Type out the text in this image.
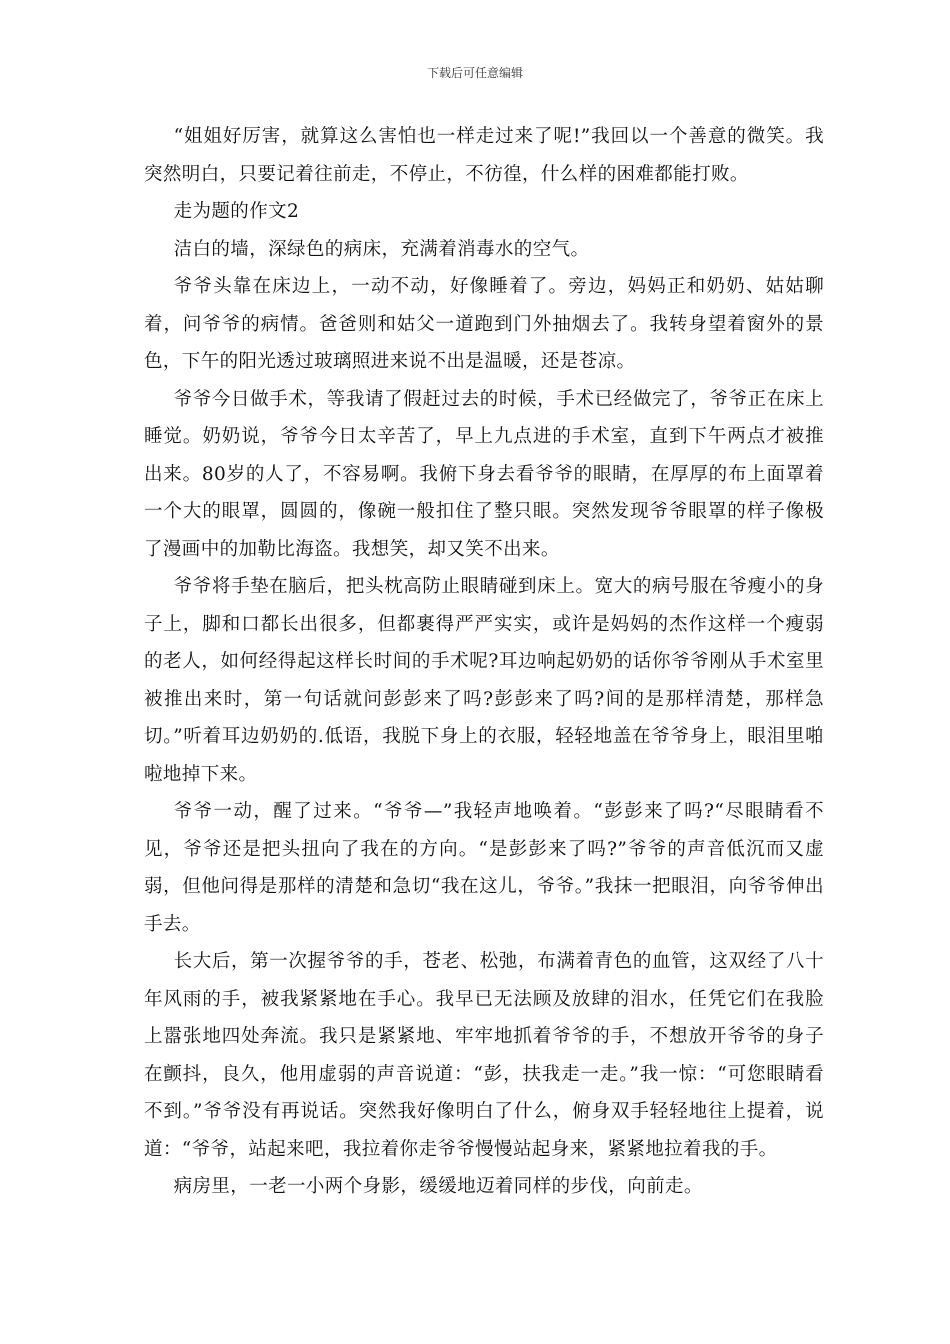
下载后可任意编辑

“姐姐好厉害，就算这么害怕也一样走过来了呢!”我回以一个善意的微笑。我突然明白，只要记着往前走，不停止，不彷徨，什么样的困难都能打败。

走为题的作文2

洁白的墙，深绿色的病床，充满着消毒水的空气。

爷爷头靠在床边上，一动不动，好像睡着了。旁边，妈妈正和奶奶、姑姑聊着，问爷爷的病情。爸爸则和姑父一道跑到门外抽烟去了。我转身望着窗外的景色，下午的阳光透过玻璃照进来说不出是温暖，还是苍凉。

爷爷今日做手术，等我请了假赶过去的时候，手术已经做完了，爷爷正在床上睡觉。奶奶说，爷爷今日太辛苦了，早上九点进的手术室，直到下午两点才被推出来。80岁的人了，不容易啊。我俯下身去看爷爷的眼睛，在厚厚的布上面罩着一个大的眼罩，圆圆的，像碗一般扣住了整只眼。突然发现爷爷眼罩的样子像极了漫画中的加勒比海盗。我想笑，却又笑不出来。

爷爷将手垫在脑后，把头枕高防止眼睛碰到床上。宽大的病号服在爷瘦小的身子上，脚和口都长出很多，但都裹得严严实实，或许是妈妈的杰作这样一个瘦弱的老人，如何经得起这样长时间的手术呢?耳边响起奶奶的话你爷爷刚从手术室里被推出来时，第一句话就问彭彭来了吗?彭彭来了吗?间的是那样清楚，那样急切。”听着耳边奶奶的.低语，我脱下身上的衣服，轻轻地盖在爷爷身上，眼泪里啪啦地掉下来。

爷爷一动，醒了过来。“爷爷—”我轻声地唤着。“彭彭来了吗?“尽眼睛看不见，爷爷还是把头扭向了我在的方向。“是彭彭来了吗?”爷爷的声音低沉而又虚弱，但他问得是那样的清楚和急切“我在这儿，爷爷。”我抹一把眼泪，向爷爷伸出手去。

长大后，第一次握爷爷的手，苍老、松弛，布满着青色的血管，这双经了八十年风雨的手，被我紧紧地在手心。我早已无法顾及放肆的泪水，任凭它们在我脸上嚣张地四处奔流。我只是紧紧地、牢牢地抓着爷爷的手，不想放开爷爷的身子在颤抖，良久，他用虚弱的声音说道：“彭，扶我走一走。”我一惊：“可您眼睛看不到。”爷爷没有再说话。突然我好像明白了什么，俯身双手轻轻地往上提着，说道：“爷爷，站起来吧，我拉着你走爷爷慢慢站起身来，紧紧地拉着我的手。

病房里，一老一小两个身影，缓缓地迈着同样的步伐，向前走。
